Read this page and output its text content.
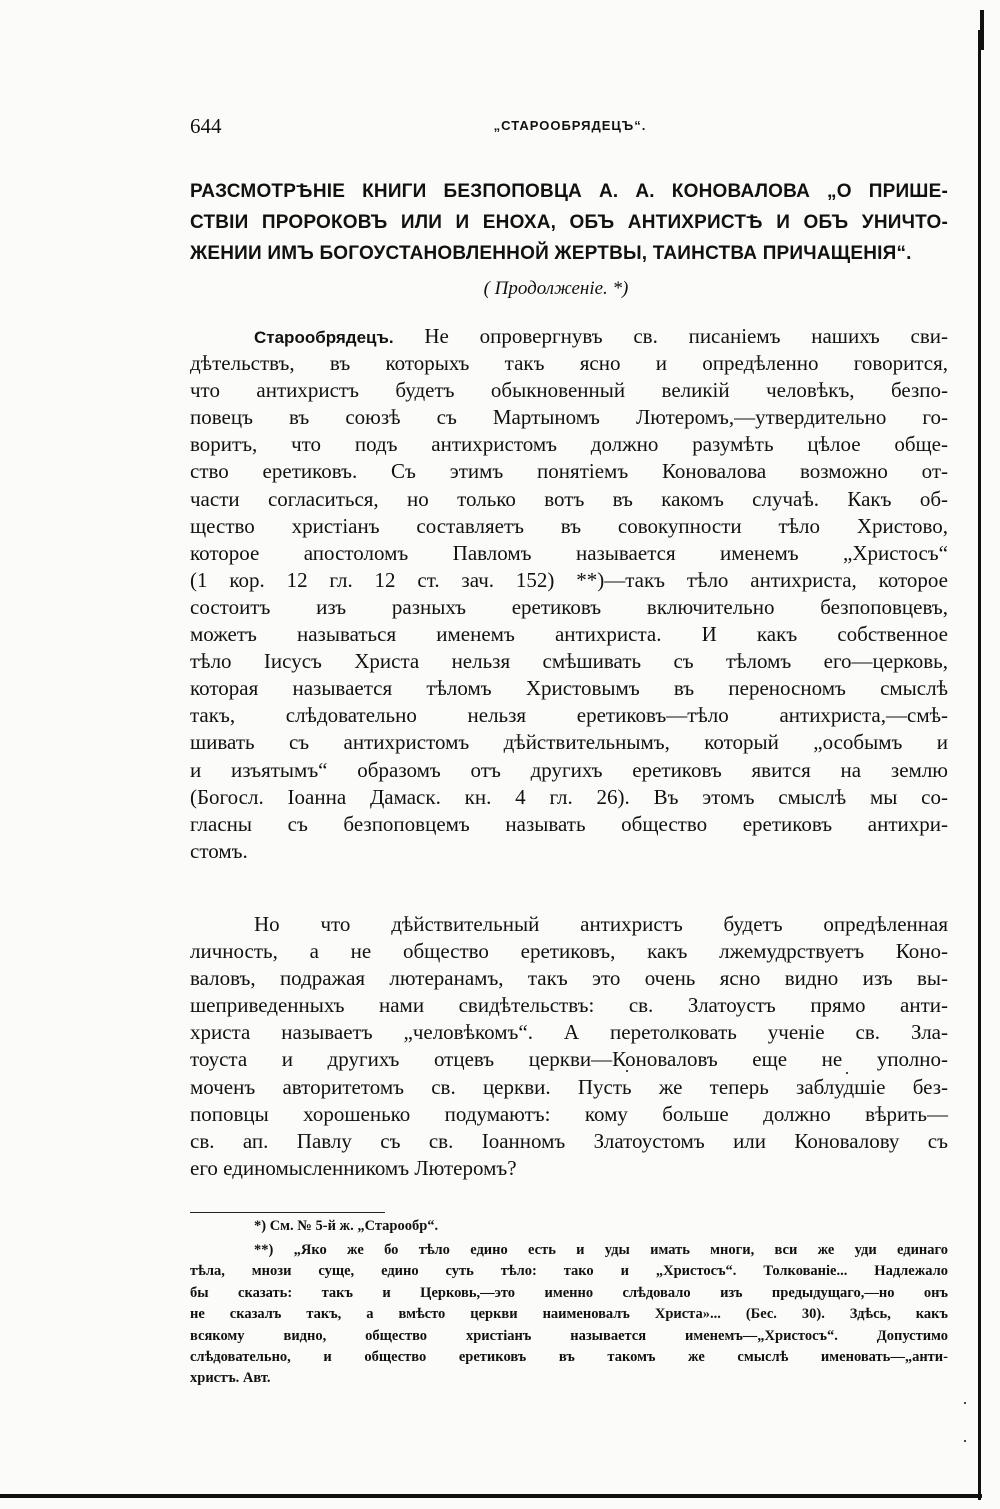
644	„СТАРООБРЯДЕЦЪ“.
РАЗСМОТРѢНІЕ КНИГИ БЕЗПОПОВЦА А. А. КОНОВАЛОВА „О ПРИШЕ-
СТВІИ ПРОРОКОВЪ ИЛИ И ЕНОХА, ОБЪ АНТИХРИСТѢ И ОБЪ УНИЧТО-
ЖЕНИИ ИМЪ БОГОУСТАНОВЛЕННОЙ ЖЕРТВЫ, ТАИНСТВА ПРИЧАЩЕНІЯ“.
( Продолженіе. *)
Старообрядецъ. Не опровергнувъ св. писаніемъ нашихъ сви-
дѣтельствъ, въ которыхъ такъ ясно и опредѣленно говорится,
что антихристъ будетъ обыкновенный великій человѣкъ, безпо-
повецъ въ союзѣ съ Мартыномъ Лютеромъ,—утвердительно го-
воритъ, что подъ антихристомъ должно разумѣть цѣлое обще-
ство еретиковъ. Съ этимъ понятіемъ Коновалова возможно от-
части согласиться, но только вотъ въ какомъ случаѣ. Какъ об-
щество христіанъ составляетъ въ совокупности тѣло Христово,
которое апостоломъ Павломъ называется именемъ „Христосъ“
(1 кор. 12 гл. 12 ст. зач. 152) **)—такъ тѣло антихриста, которое
состоитъ изъ разныхъ еретиковъ включительно безпоповцевъ,
можетъ называться именемъ антихриста. И какъ собственное
тѣло Іисусъ Христа нельзя смѣшивать съ тѣломъ его—церковь,
которая называется тѣломъ Христовымъ въ переносномъ смыслѣ
такъ, слѣдовательно нельзя еретиковъ—тѣло антихриста,—смѣ-
шивать съ антихристомъ дѣйствительнымъ, который „особымъ и
и изъятымъ“ образомъ отъ другихъ еретиковъ явится на землю
(Богосл. Іоанна Дамаск. кн. 4 гл. 26). Въ этомъ смыслѣ мы со-
гласны съ безпоповцемъ называть общество еретиковъ антихри-
стомъ.
Но что дѣйствительный антихристъ будетъ опредѣленная
личность, а не общество еретиковъ, какъ лжемудрствуетъ Коно-
валовъ, подражая лютеранамъ, такъ это очень ясно видно изъ вы-
шеприведенныхъ нами свидѣтельствъ: св. Златоустъ прямо анти-
христа называетъ „человѣкомъ“. А перетолковать ученіе св. Зла-
тоуста и другихъ отцевъ церкви—Коноваловъ еще не уполно-
моченъ авторитетомъ св. церкви. Пусть же теперь заблудшіе без-
поповцы хорошенько подумаютъ: кому больше должно вѣрить—
св. ап. Павлу съ св. Іоанномъ Златоустомъ или Коновалову съ
его единомысленникомъ Лютеромъ?
*) См. № 5-й ж. „Старообр“.
**) „Яко же бо тѣло едино есть и уды имать многи, вси же уди единаго
тѣла, мнози суще, едино суть тѣло: тако и „Христосъ“. Толкованіе... Надлежало
бы сказать: такъ и Церковь,—это именно слѣдовало изъ предыдущаго,—но онъ
не сказалъ такъ, а вмѣсто церкви наименовалъ Христа»... (Бес. 30). Здѣсь, какъ
всякому видно, общество христіанъ называется именемъ—„Христосъ“. Допустимо
слѣдовательно, и общество еретиковъ въ такомъ же смыслѣ именовать—„анти-
христъ. Авт.
